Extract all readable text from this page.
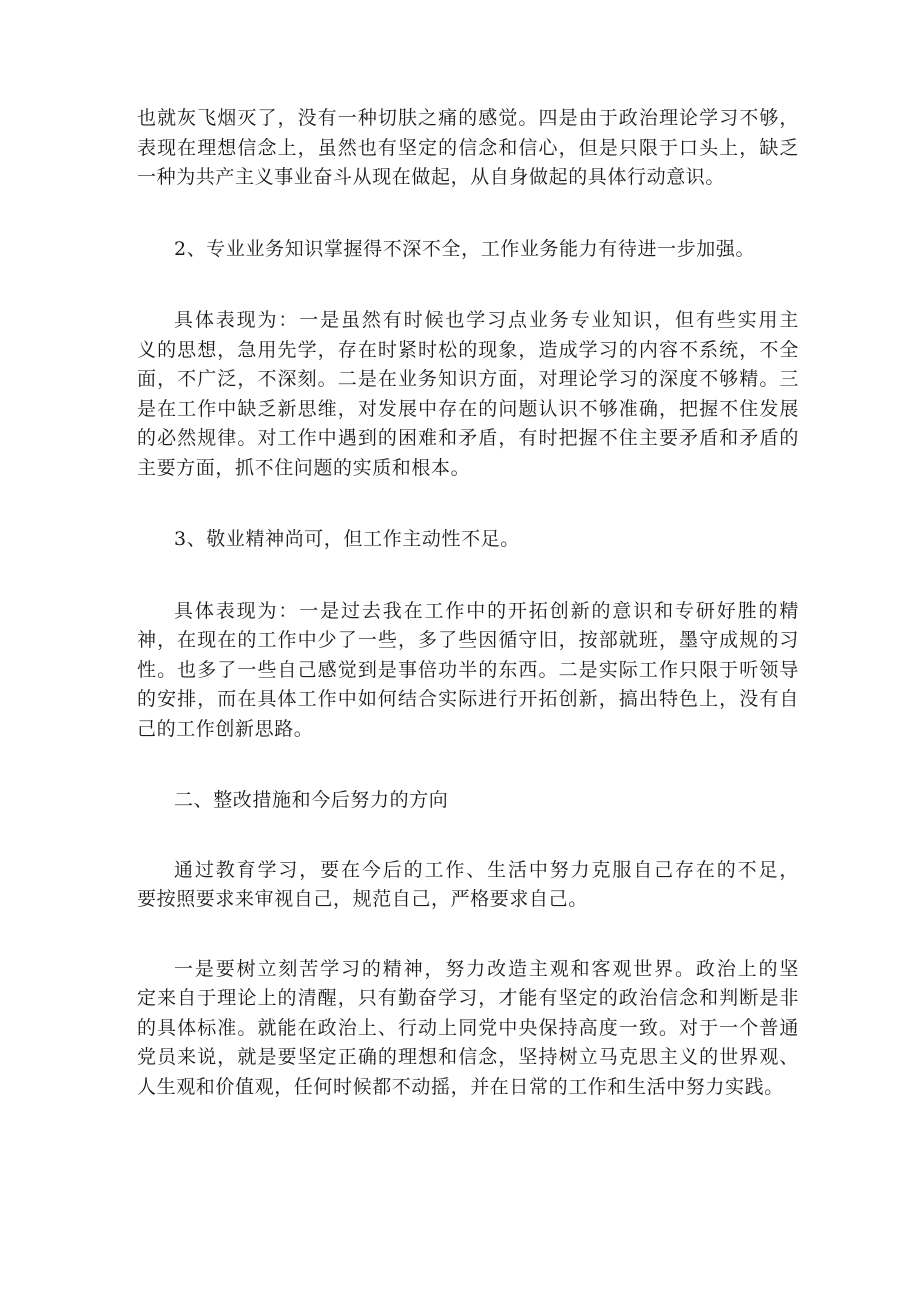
也就灰飞烟灭了，没有一种切肤之痛的感觉。四是由于政治理论学习不够，
表现在理想信念上，虽然也有坚定的信念和信心，但是只限于口头上，缺乏
一种为共产主义事业奋斗从现在做起，从自身做起的具体行动意识。

2、专业业务知识掌握得不深不全，工作业务能力有待进一步加强。

具体表现为：一是虽然有时候也学习点业务专业知识，但有些实用主
义的思想，急用先学，存在时紧时松的现象，造成学习的内容不系统，不全
面，不广泛，不深刻。二是在业务知识方面，对理论学习的深度不够精。三
是在工作中缺乏新思维，对发展中存在的问题认识不够准确，把握不住发展
的必然规律。对工作中遇到的困难和矛盾，有时把握不住主要矛盾和矛盾的
主要方面，抓不住问题的实质和根本。

3、敬业精神尚可，但工作主动性不足。

具体表现为：一是过去我在工作中的开拓创新的意识和专研好胜的精
神，在现在的工作中少了一些，多了些因循守旧，按部就班，墨守成规的习
性。也多了一些自己感觉到是事倍功半的东西。二是实际工作只限于听领导
的安排，而在具体工作中如何结合实际进行开拓创新，搞出特色上，没有自
己的工作创新思路。

二、整改措施和今后努力的方向

通过教育学习，要在今后的工作、生活中努力克服自己存在的不足，
要按照要求来审视自己，规范自己，严格要求自己。

一是要树立刻苦学习的精神，努力改造主观和客观世界。政治上的坚
定来自于理论上的清醒，只有勤奋学习，才能有坚定的政治信念和判断是非
的具体标准。就能在政治上、行动上同党中央保持高度一致。对于一个普通
党员来说，就是要坚定正确的理想和信念，坚持树立马克思主义的世界观、
人生观和价值观，任何时候都不动摇，并在日常的工作和生活中努力实践。
